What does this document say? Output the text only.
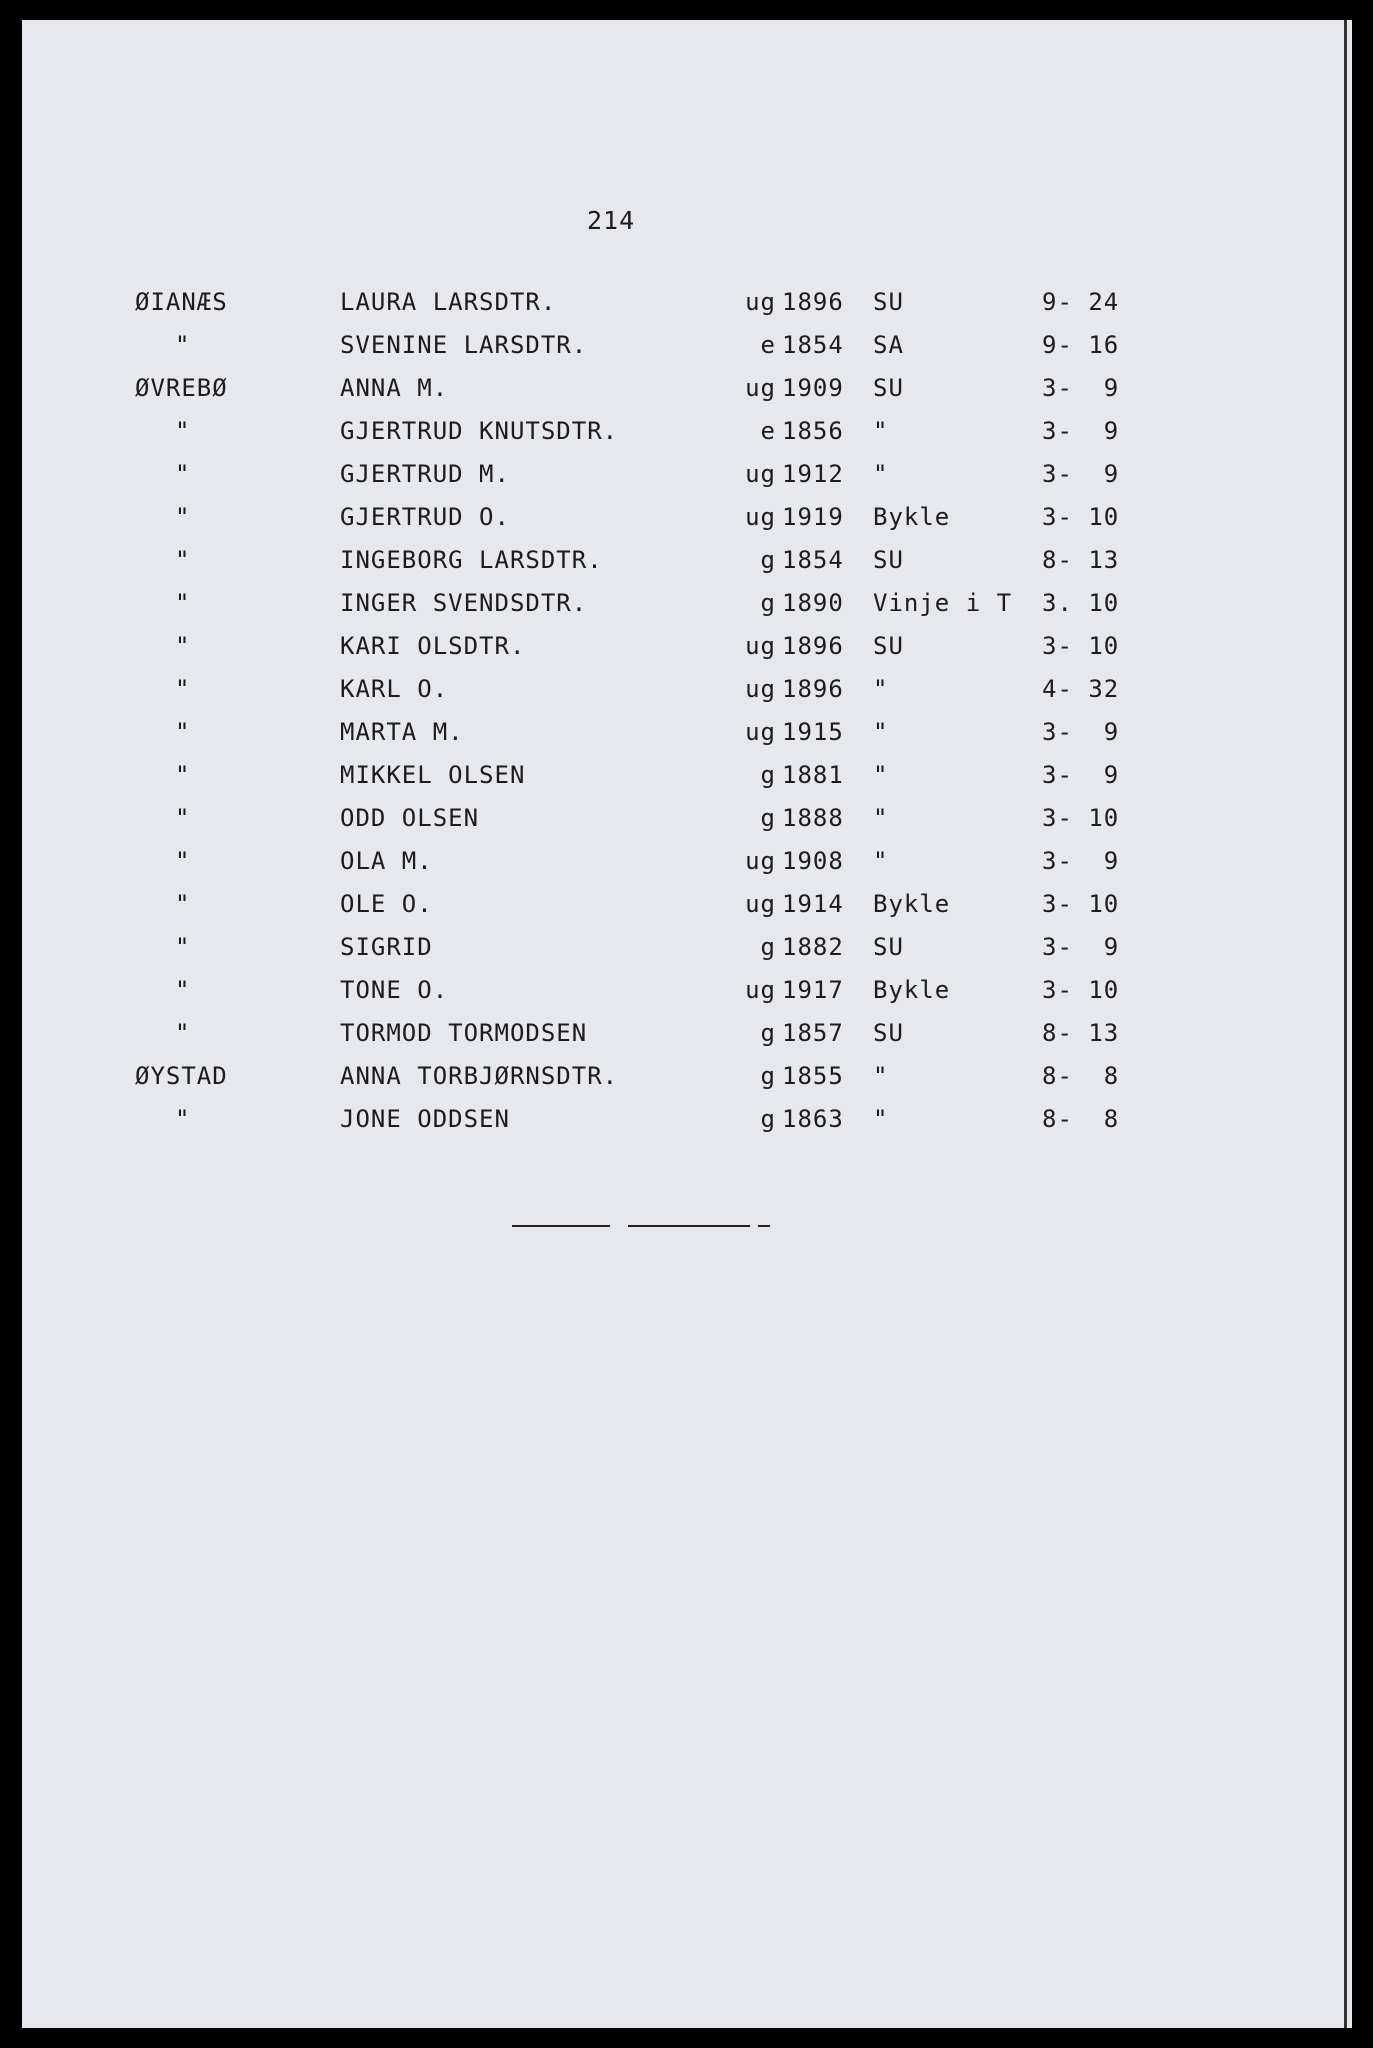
214
ØIANÆS	LAURA LARSDTR.	ug 1896 SU	9- 24
"	SVENINE LARSDTR.	e 1854 SA	9- 16
ØVREBØ	ANNA M.	ug 1909 SU	3-  9
"	GJERTRUD KNUTSDTR.	e 1856 "	3-  9
"	GJERTRUD M.	ug 1912 "	3-  9
"	GJERTRUD O.	ug 1919 Bykle	3- 10
"	INGEBORG LARSDTR.	g 1854 SU	8- 13
"	INGER SVENDSDTR.	g 1890 Vinje i T 3. 10
"	KARI OLSDTR.	ug 1896 SU	3- 10
"	KARL O.	ug 1896 "	4- 32
"	MARTA M.	ug 1915 "	3-  9
"	MIKKEL OLSEN	g 1881 "	3-  9
"	ODD OLSEN	g 1888 "	3- 10
"	OLA M.	ug 1908 "	3-  9
"	OLE O.	ug 1914 Bykle	3- 10
"	SIGRID	g 1882 SU	3-  9
"	TONE O.	ug 1917 Bykle	3- 10
"	TORMOD TORMODSEN	g 1857 SU	8- 13
ØYSTAD	ANNA TORBJØRNSDTR.	g 1855 "	8-  8
"	JONE ODDSEN	g 1863 "	8-  8
